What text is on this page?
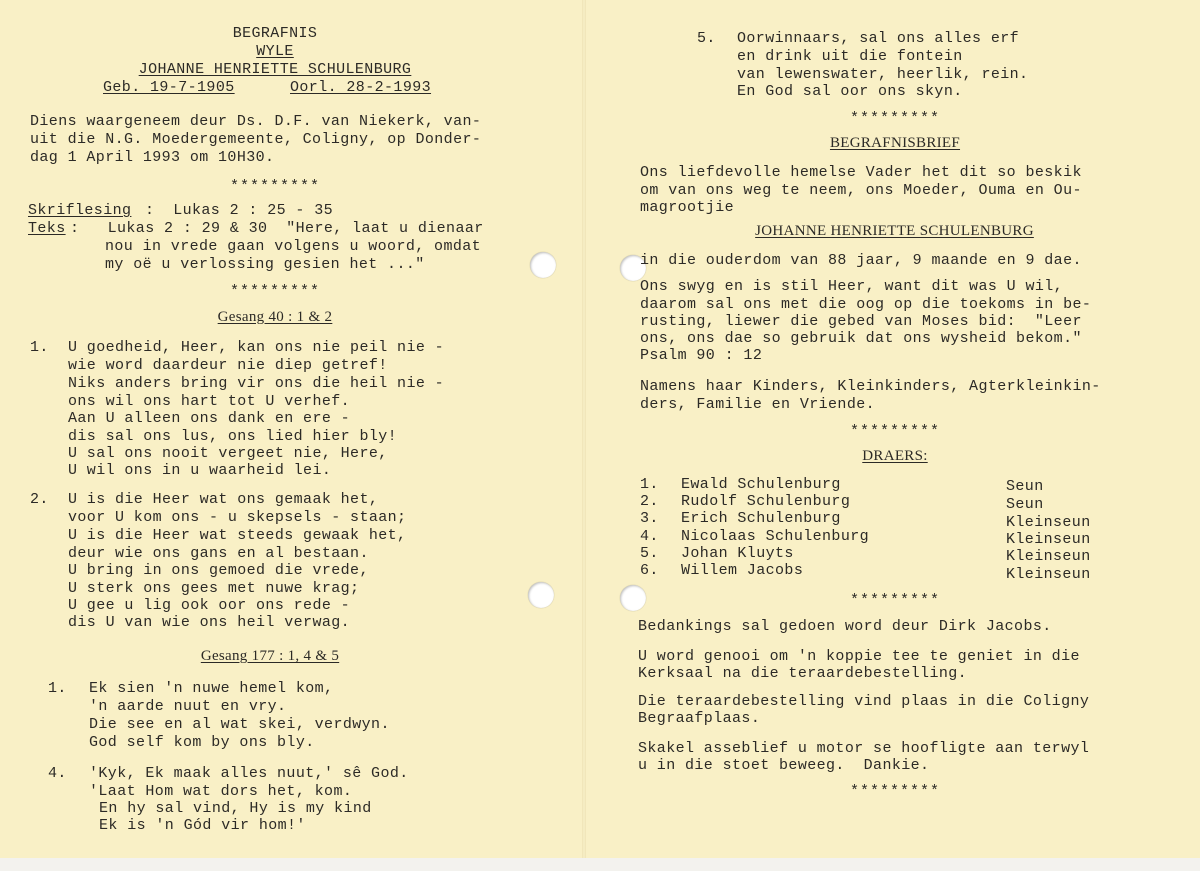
BEGRAFNIS
WYLE
JOHANNE HENRIETTE SCHULENBURG
Geb. 19-7-1905	Oorl. 28-2-1993
Diens waargeneem deur Ds. D.F. van Niekerk, van-
uit die N.G. Moedergemeente, Coligny, op Donder-
dag 1 April 1993 om 10H30.
*********
Skriflesing :  Lukas 2 : 25 - 35
Teks :   Lukas 2 : 29 & 30  "Here, laat u dienaar
nou in vrede gaan volgens u woord, omdat
my oë u verlossing gesien het ..."
*********
Gesang 40 : 1 & 2
1. U goedheid, Heer, kan ons nie peil nie -
wie word daardeur nie diep getref!
Niks anders bring vir ons die heil nie -
ons wil ons hart tot U verhef.
Aan U alleen ons dank en ere -
dis sal ons lus, ons lied hier bly!
U sal ons nooit vergeet nie, Here,
U wil ons in u waarheid lei.
2. U is die Heer wat ons gemaak het,
voor U kom ons - u skepsels - staan;
U is die Heer wat steeds gewaak het,
deur wie ons gans en al bestaan.
U bring in ons gemoed die vrede,
U sterk ons gees met nuwe krag;
U gee u lig ook oor ons rede -
dis U van wie ons heil verwag.
Gesang 177 : 1, 4 & 5
1. Ek sien 'n nuwe hemel kom,
'n aarde nuut en vry.
Die see en al wat skei, verdwyn.
God self kom by ons bly.
4. 'Kyk, Ek maak alles nuut,' sê God.
'Laat Hom wat dors het, kom.
En hy sal vind, Hy is my kind
Ek is 'n Gód vir hom!'
5. Oorwinnaars, sal ons alles erf
en drink uit die fontein
van lewenswater, heerlik, rein.
En God sal oor ons skyn.
*********
BEGRAFNISBRIEF
Ons liefdevolle hemelse Vader het dit so beskik
om van ons weg te neem, ons Moeder, Ouma en Ou-
magrootjie
JOHANNE HENRIETTE SCHULENBURG
in die ouderdom van 88 jaar, 9 maande en 9 dae.
Ons swyg en is stil Heer, want dit was U wil,
daarom sal ons met die oog op die toekoms in be-
rusting, liewer die gebed van Moses bid:  "Leer
ons, ons dae so gebruik dat ons wysheid bekom."
Psalm 90 : 12
Namens haar Kinders, Kleinkinders, Agterkleinkin-
ders, Familie en Vriende.
*********
DRAERS:
1. Ewald Schulenburg	Seun
2. Rudolf Schulenburg	Seun
3. Erich Schulenburg	Kleinseun
4. Nicolaas Schulenburg	Kleinseun
5. Johan Kluyts	Kleinseun
6. Willem Jacobs	Kleinseun
*********
Bedankings sal gedoen word deur Dirk Jacobs.
U word genooi om 'n koppie tee te geniet in die
Kerksaal na die teraardebestelling.
Die teraardebestelling vind plaas in die Coligny
Begraafplaas.
Skakel asseblief u motor se hoofligte aan terwyl
u in die stoet beweeg.  Dankie.
*********
